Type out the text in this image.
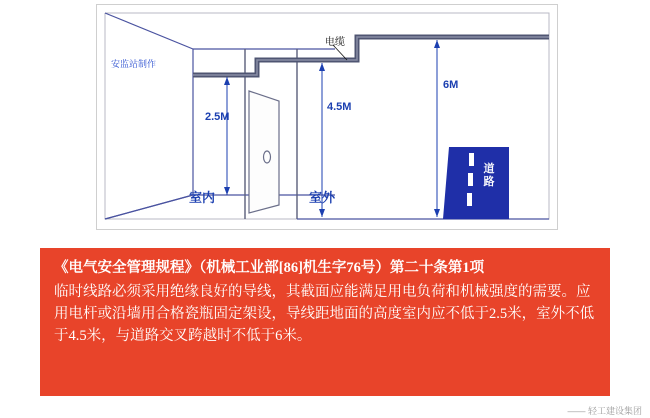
安监站制作
电缆
2.5M
4.5M
6M
室内	室外
道路

《电气安全管理规程》（机械工业部[86]机生字76号）第二十条第1项

临时线路必须采用绝缘良好的导线，其截面应能满足用电负荷和机械强度的需要。应用电杆或沿墙用合格瓷瓶固定架设，导线距地面的高度室内应不低于2.5米，室外不低于4.5米，与道路交叉跨越时不低于6米。

—— 轻工建设集团
